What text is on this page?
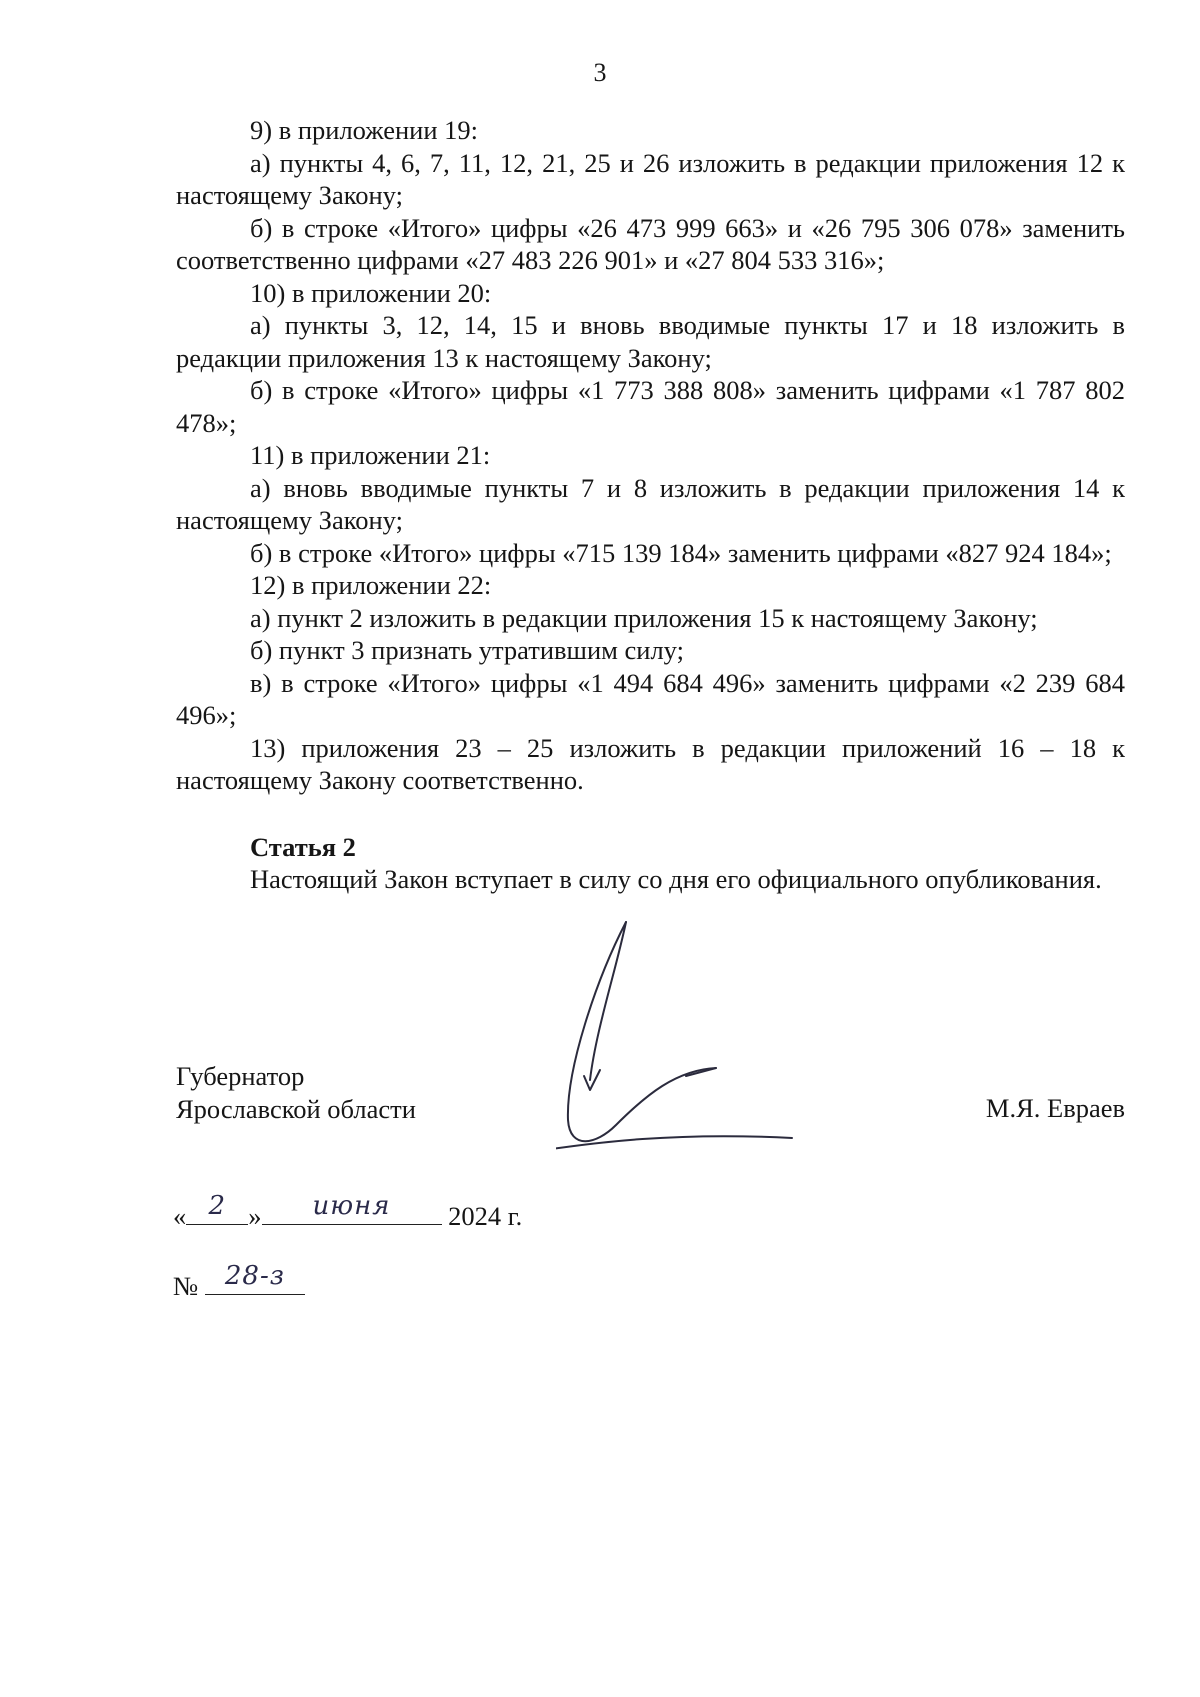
3

9) в приложении 19:

а) пункты 4, 6, 7, 11, 12, 21, 25 и 26 изложить в редакции приложения 12 к настоящему Закону;

б) в строке «Итого» цифры «26 473 999 663» и «26 795 306 078» заменить соответственно цифрами «27 483 226 901» и «27 804 533 316»;

10) в приложении 20:

а) пункты 3, 12, 14, 15 и вновь вводимые пункты 17 и 18 изложить в редакции приложения 13 к настоящему Закону;

б) в строке «Итого» цифры «1 773 388 808» заменить цифрами «1 787 802 478»;

11) в приложении 21:

а) вновь вводимые пункты 7 и 8 изложить в редакции приложения 14 к настоящему Закону;

б) в строке «Итого» цифры «715 139 184» заменить цифрами «827 924 184»;

12) в приложении 22:

а) пункт 2 изложить в редакции приложения 15 к настоящему Закону;

б) пункт 3 признать утратившим силу;

в) в строке «Итого» цифры «1 494 684 496» заменить цифрами «2 239 684 496»;

13) приложения 23 – 25 изложить в редакции приложений 16 – 18 к настоящему Закону соответственно.

Статья 2

Настоящий Закон вступает в силу со дня его официального опубликования.

Губернатор
Ярославской области	М.Я. Евраев
« 2 »	июня	2024 г.
№	28-з
